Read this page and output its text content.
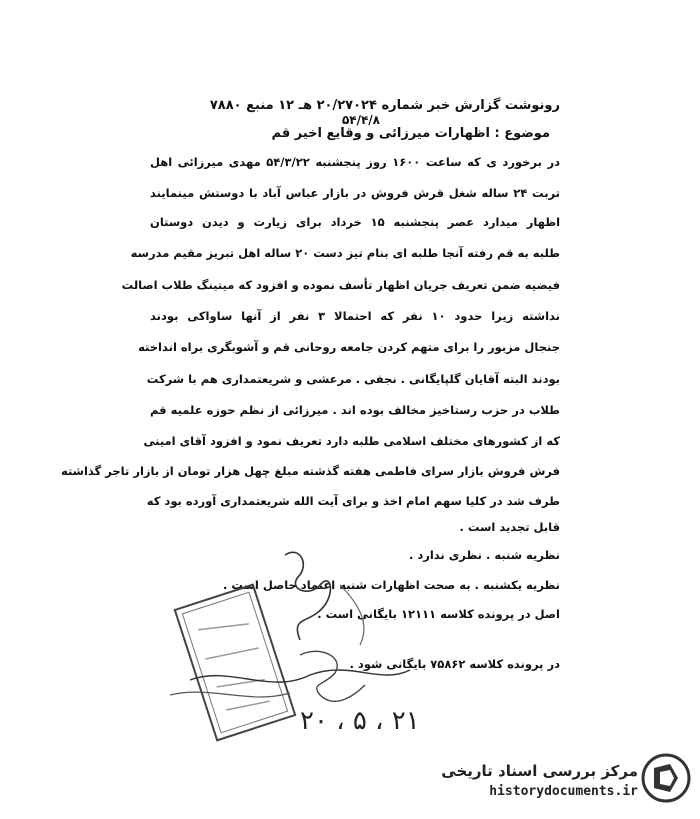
رونوشت گزارش خبر شماره ۲۰/۲۷۰۲۴ هـ ۱۲ منبع ۷۸۸۰
۵۴/۴/۸
موضوع : اظهارات میرزائی و وقایع اخیر قم
در برخورد ی که ساعت ۱۶۰۰ روز پنجشنبه ۵۴/۳/۲۲ مهدی میرزائی اهل
تربت ۲۴ ساله شغل قرش فروش در بازار عباس آباد با دوستش مینمایند
اظهار میدارد عصر پنجشنبه ۱۵ خرداد برای زیارت و دیدن دوستان
طلبه به قم رفته آنجا طلبه ای بنام تیز دست ۲۰ ساله اهل تبریز مقیم مدرسه
فیضیه ضمن تعریف جریان اظهار تأسف نموده و افزود که میتینگ طلاب اصالت
نداشته زیرا حدود ۱۰ نفر که احتمالا ۳ نفر از آنها ساواکی بودند
جنجال مزبور را برای متهم کردن جامعه روحانی قم و آشوبگری براه انداخته
بودند البته آقایان گلپایگانی . نجفی . مرعشی و شریعتمداری هم با شرکت
طلاب در حزب رستاخیز مخالف بوده اند . میرزائی از نظم حوزه علمیه قم
که از کشورهای مختلف اسلامی طلبه دارد تعریف نمود و افزود آقای امینی
فرش فروش بازار سرای فاطمی هفته گذشته مبلغ چهل هزار تومان از بازار تاجر گذاشته
طرف شد در کلیا سهم امام اخذ و برای آیت الله شریعتمداری آورده بود که
قابل تجدید است .
نظریه شنبه . نظری ندارد .
نظریه یکشنبه . به صحت اظهارات شنبه اعتماد حاصل است .
اصل در پرونده کلاسه ۱۲۱۱۱ بایگانی است .
در پرونده کلاسه ۷۵۸۶۲ بایگانی شود .
۲۰ ، ۵ ، ۲۱
مرکز بررسی اسناد تاریخی
historydocuments.ir
